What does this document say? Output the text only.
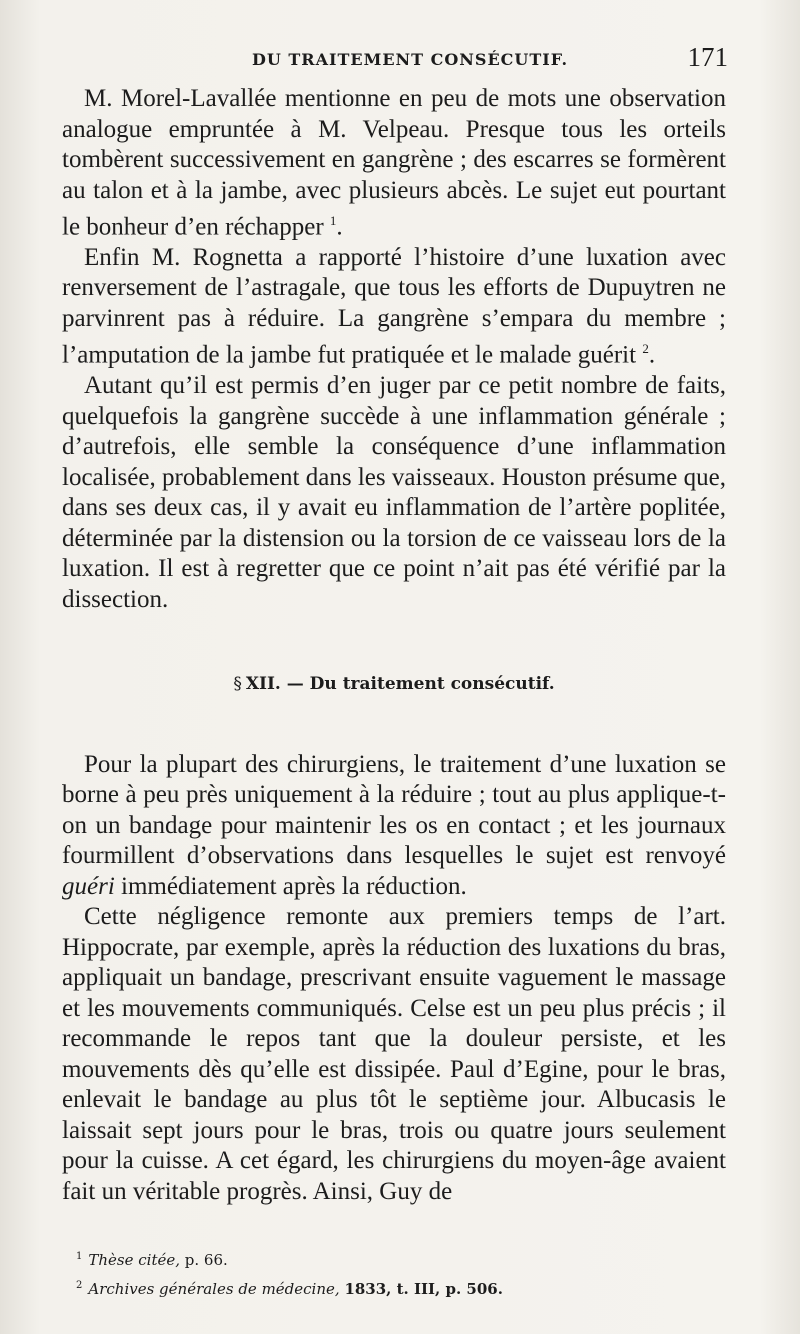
DU TRAITEMENT CONSÉCUTIF.	171

M. Morel-Lavallée mentionne en peu de mots une observation analogue empruntée à M. Velpeau. Presque tous les orteils tombèrent successivement en gangrène ; des escarres se formèrent au talon et à la jambe, avec plusieurs abcès. Le sujet eut pourtant le bonheur d’en réchapper $^1$.

Enfin M. Rognetta a rapporté l’histoire d’une luxation avec renversement de l’astragale, que tous les efforts de Dupuytren ne parvinrent pas à réduire. La gangrène s’empara du membre ; l’amputation de la jambe fut pratiquée et le malade guérit $^2$.

Autant qu’il est permis d’en juger par ce petit nombre de faits, quelquefois la gangrène succède à une inflammation générale ; d’autrefois, elle semble la conséquence d’une inflammation localisée, probablement dans les vaisseaux. Houston présume que, dans ses deux cas, il y avait eu inflammation de l’artère poplitée, déterminée par la distension ou la torsion de ce vaisseau lors de la luxation. Il est à regretter que ce point n’ait pas été vérifié par la dissection.

§ XII. — Du traitement consécutif.

Pour la plupart des chirurgiens, le traitement d’une luxation se borne à peu près uniquement à la réduire ; tout au plus applique-t-on un bandage pour maintenir les os en contact ; et les journaux fourmillent d’observations dans lesquelles le sujet est renvoyé guéri immédiatement après la réduction.

Cette négligence remonte aux premiers temps de l’art. Hippocrate, par exemple, après la réduction des luxations du bras, appliquait un bandage, prescrivant ensuite vaguement le massage et les mouvements communiqués. Celse est un peu plus précis ; il recommande le repos tant que la douleur persiste, et les mouvements dès qu’elle est dissipée. Paul d’Egine, pour le bras, enlevait le bandage au plus tôt le septième jour. Albucasis le laissait sept jours pour le bras, trois ou quatre jours seulement pour la cuisse. A cet égard, les chirurgiens du moyen-âge avaient fait un véritable progrès. Ainsi, Guy de

$^1$ Thèse citée, p. 66.

$^2$ Archives générales de médecine, 1833, t. III, p. 506.
